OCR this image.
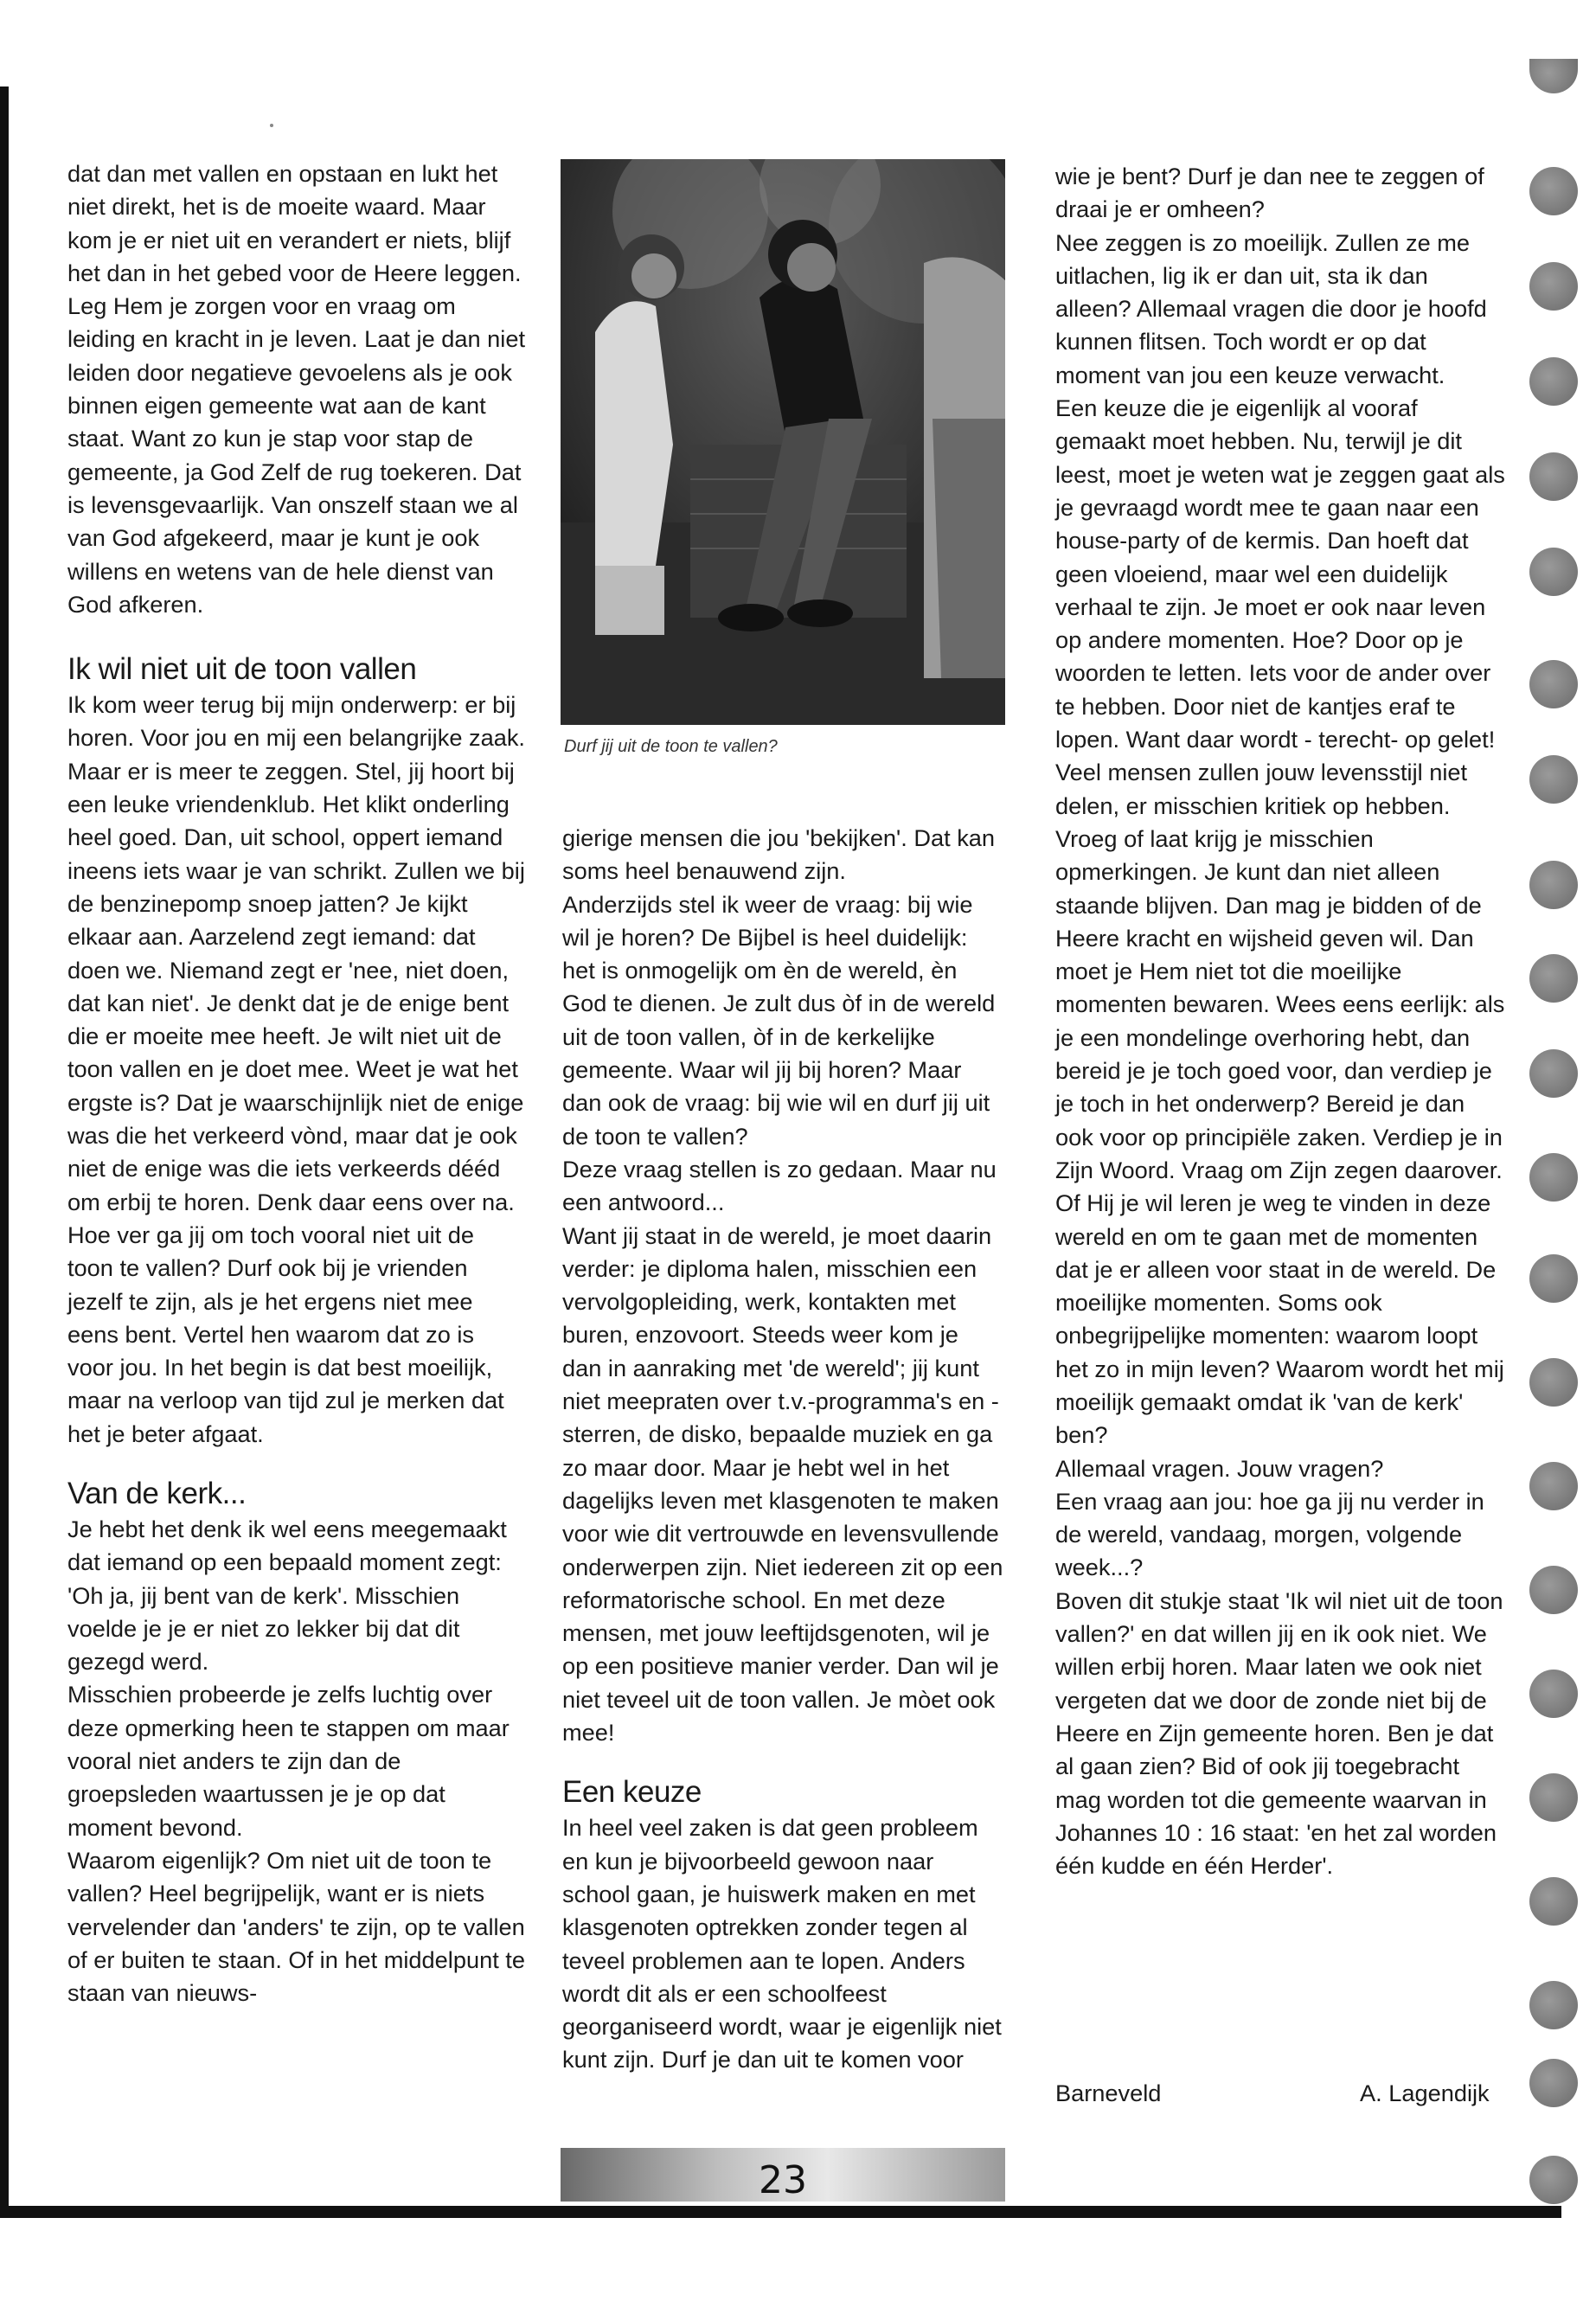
dat dan met vallen en opstaan en lukt het niet direkt, het is de moeite waard. Maar kom je er niet uit en verandert er niets, blijf het dan in het gebed voor de Heere leggen. Leg Hem je zorgen voor en vraag om leiding en kracht in je leven. Laat je dan niet leiden door negatieve gevoelens als je ook binnen eigen gemeente wat aan de kant staat. Want zo kun je stap voor stap de gemeente, ja God Zelf de rug toekeren. Dat is levensgevaarlijk. Van onszelf staan we al van God afgekeerd, maar je kunt je ook willens en wetens van de hele dienst van God afkeren.

Ik wil niet uit de toon vallen

Ik kom weer terug bij mijn onderwerp: er bij horen. Voor jou en mij een belangrijke zaak. Maar er is meer te zeggen. Stel, jij hoort bij een leuke vriendenklub. Het klikt onderling heel goed. Dan, uit school, oppert iemand ineens iets waar je van schrikt. Zullen we bij de benzinepomp snoep jatten? Je kijkt elkaar aan. Aarzelend zegt iemand: dat doen we. Niemand zegt er 'nee, niet doen, dat kan niet'. Je denkt dat je de enige bent die er moeite mee heeft. Je wilt niet uit de toon vallen en je doet mee. Weet je wat het ergste is? Dat je waarschijnlijk niet de enige was die het verkeerd vònd, maar dat je ook niet de enige was die iets verkeerds dééd om erbij te horen. Denk daar eens over na. Hoe ver ga jij om toch vooral niet uit de toon te vallen? Durf ook bij je vrienden jezelf te zijn, als je het ergens niet mee eens bent. Vertel hen waarom dat zo is voor jou. In het begin is dat best moeilijk, maar na verloop van tijd zul je merken dat het je beter afgaat.

Van de kerk...

Je hebt het denk ik wel eens meegemaakt dat iemand op een bepaald moment zegt: 'Oh ja, jij bent van de kerk'. Misschien voelde je je er niet zo lekker bij dat dit gezegd werd.

Misschien probeerde je zelfs luchtig over deze opmerking heen te stappen om maar vooral niet anders te zijn dan de groepsleden waartussen je je op dat moment bevond.

Waarom eigenlijk? Om niet uit de toon te vallen? Heel begrijpelijk, want er is niets vervelender dan 'anders' te zijn, op te vallen of er buiten te staan. Of in het middelpunt te staan van nieuws-

Durf jij uit de toon te vallen?

gierige mensen die jou 'bekijken'. Dat kan soms heel benauwend zijn.

Anderzijds stel ik weer de vraag: bij wie wil je horen? De Bijbel is heel duidelijk: het is onmogelijk om èn de wereld, èn God te dienen. Je zult dus òf in de wereld uit de toon vallen, òf in de kerkelijke gemeente. Waar wil jij bij horen? Maar dan ook de vraag: bij wie wil en durf jij uit de toon te vallen?

Deze vraag stellen is zo gedaan. Maar nu een antwoord...

Want jij staat in de wereld, je moet daarin verder: je diploma halen, misschien een vervolgopleiding, werk, kontakten met buren, enzovoort. Steeds weer kom je dan in aanraking met 'de wereld'; jij kunt niet meepraten over t.v.-programma's en -sterren, de disko, bepaalde muziek en ga zo maar door. Maar je hebt wel in het dagelijks leven met klasgenoten te maken voor wie dit vertrouwde en levensvullende onderwerpen zijn. Niet iedereen zit op een reformatorische school. En met deze mensen, met jouw leeftijdsgenoten, wil je op een positieve manier verder. Dan wil je niet teveel uit de toon vallen. Je mòet ook mee!

Een keuze

In heel veel zaken is dat geen probleem en kun je bijvoorbeeld gewoon naar school gaan, je huiswerk maken en met klasgenoten optrekken zonder tegen al teveel problemen aan te lopen. Anders wordt dit als er een schoolfeest georganiseerd wordt, waar je eigenlijk niet kunt zijn. Durf je dan uit te komen voor

wie je bent? Durf je dan nee te zeggen of draai je er omheen?

Nee zeggen is zo moeilijk. Zullen ze me uitlachen, lig ik er dan uit, sta ik dan alleen? Allemaal vragen die door je hoofd kunnen flitsen. Toch wordt er op dat moment van jou een keuze verwacht.

Een keuze die je eigenlijk al vooraf gemaakt moet hebben. Nu, terwijl je dit leest, moet je weten wat je zeggen gaat als je gevraagd wordt mee te gaan naar een house-party of de kermis. Dan hoeft dat geen vloeiend, maar wel een duidelijk verhaal te zijn. Je moet er ook naar leven op andere momenten. Hoe? Door op je woorden te letten. Iets voor de ander over te hebben. Door niet de kantjes eraf te lopen. Want daar wordt - terecht- op gelet!

Veel mensen zullen jouw levensstijl niet delen, er misschien kritiek op hebben. Vroeg of laat krijg je misschien opmerkingen. Je kunt dan niet alleen staande blijven. Dan mag je bidden of de Heere kracht en wijsheid geven wil. Dan moet je Hem niet tot die moeilijke momenten bewaren. Wees eens eerlijk: als je een mondelinge overhoring hebt, dan bereid je je toch goed voor, dan verdiep je je toch in het onderwerp? Bereid je dan ook voor op principiële zaken. Verdiep je in Zijn Woord. Vraag om Zijn zegen daarover. Of Hij je wil leren je weg te vinden in deze wereld en om te gaan met de momenten dat je er alleen voor staat in de wereld. De moeilijke momenten. Soms ook onbegrijpelijke momenten: waarom loopt het zo in mijn leven? Waarom wordt het mij moeilijk gemaakt omdat ik 'van de kerk' ben?

Allemaal vragen. Jouw vragen?

Een vraag aan jou: hoe ga jij nu verder in de wereld, vandaag, morgen, volgende week...?

Boven dit stukje staat 'Ik wil niet uit de toon vallen?' en dat willen jij en ik ook niet. We willen erbij horen. Maar laten we ook niet vergeten dat we door de zonde niet bij de Heere en Zijn gemeente horen. Ben je dat al gaan zien? Bid of ook jij toegebracht mag worden tot die gemeente waarvan in Johannes 10 : 16 staat: 'en het zal worden één kudde en één Herder'.

Barneveld	A. Lagendijk
23
